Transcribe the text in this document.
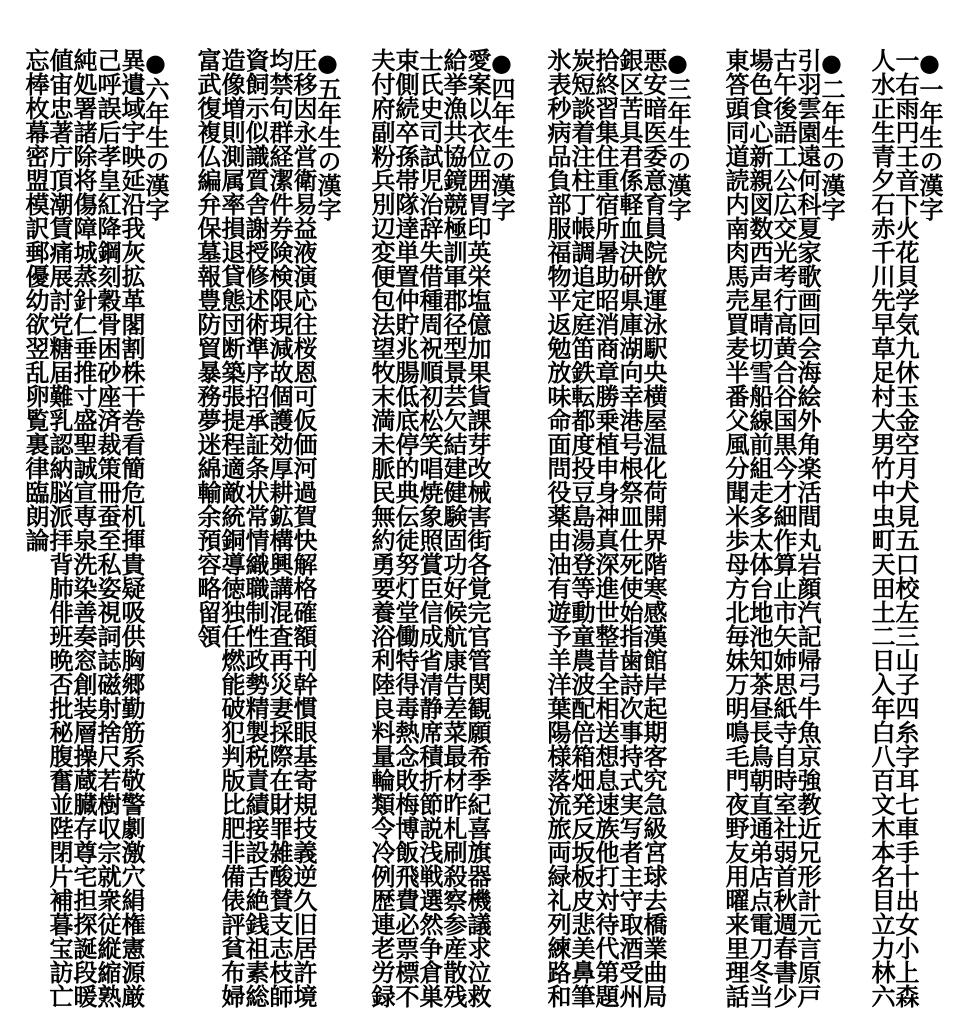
●一年生の漢字
一右雨円王音下火花貝学気九休玉金空月犬見五口校左三山子四糸字耳七車手十出女小上森
人水正生青夕石赤千川先早草足村大男竹中虫町天田土二日入年白八百文木本名目立力林六
●二年生の漢字
引羽雲園遠何科夏家歌画回会海絵外角楽活間丸岩顔汽記帰弓牛魚京強教近兄形計元言原戸
古午後語工公広交光考行高黄合谷国黒今才細作算止市矢姉思紙寺自時室社弱首秋週春書少
場色食心新親図数西声星晴切雪船線前組走多太体台地池知茶昼長鳥朝直通弟店点電刀冬当
東答頭同道読内南肉馬売買麦半番父風分聞米歩母方北毎妹万明鳴毛門夜野友用曜来里理話
●三年生の漢字
悪安暗医委意育員院飲運泳駅央横屋温化荷開界階寒感漢館岸起期客究急級宮球去橋業曲局
銀区苦具君係軽血決研県庫湖向幸港号根祭皿仕死使始指歯詩次事持式実写者主守取酒受州
拾終習集住重宿所暑助昭消商章勝乗植申身神真深進世整昔全相送想息速族他打対待代第題
炭短談着注柱丁帳調追定庭笛鉄転都度投豆島湯登等動童農波配倍箱畑発反坂板皮悲美鼻筆
氷表秒病品負部服福物平返勉放味命面問役薬由油有遊予羊洋葉陽様落流旅両緑礼列練路和
●四年生の漢字
愛案以衣位囲胃印英栄塩億加果貨課芽改械害街各覚完官管関観願希季紀喜旗器機議求泣救
給挙漁共協鏡競極訓軍郡径型景芸欠結建健験固功好候航康告差菜最材昨札刷殺察参産散残
士氏史司試児治辞失借種周祝順初松笑唱焼象照賞臣信成省清静席積折節説浅戦選然争倉巣
束側続卒孫帯隊達単置仲貯兆腸低底停的典伝徒努灯堂働特得毒熱念敗梅博飯飛費必票標不
夫付府副粉兵別辺変便包法望牧末満未脈民無約勇要養浴利陸良料量輪類令冷例歴連老労録
●五年生の漢字
圧移因永営衛易益液演応往桜恩可仮価河過賀快解格確額刊幹慣眼基寄規技義逆久旧居許境
均禁句群経潔件券険検限現減故個護効厚耕鉱構興講混査再災妻採際在財罪雑酸賛支志枝師
資飼示似識質舎謝授修述術準序招承証条状常情織職制性政勢精製税責績接設舌絶銭祖素総
造像増則測属率損退貸態団断築張提程適敵統銅導徳独任燃能破犯判版比肥非備俵評貧布婦
富武復複仏編弁保墓報豊防貿暴務夢迷綿輸余預容略留領
●六年生の漢字
異遺域宇映延沿我灰拡革閣割株干巻看簡危机揮貴疑吸供胸郷勤筋系敬警劇激穴絹権憲源厳
己呼誤后孝皇紅降鋼刻穀骨困砂座済裁策冊蚕至私姿視詞誌磁射捨尺若樹収宗就衆従縦縮熟
純処署諸除将傷障城蒸針仁垂推寸盛聖誠宣専泉洗染善奏窓創装層操蔵臓存尊宅担探誕段暖
値宙忠著庁頂潮賃痛展討党糖届難乳認納脳派拝背肺俳班晩否批秘腹奮並陛閉片補暮宝訪亡
忘棒枚幕密盟模訳郵優幼欲翌乱卵覧裏律臨朗論
